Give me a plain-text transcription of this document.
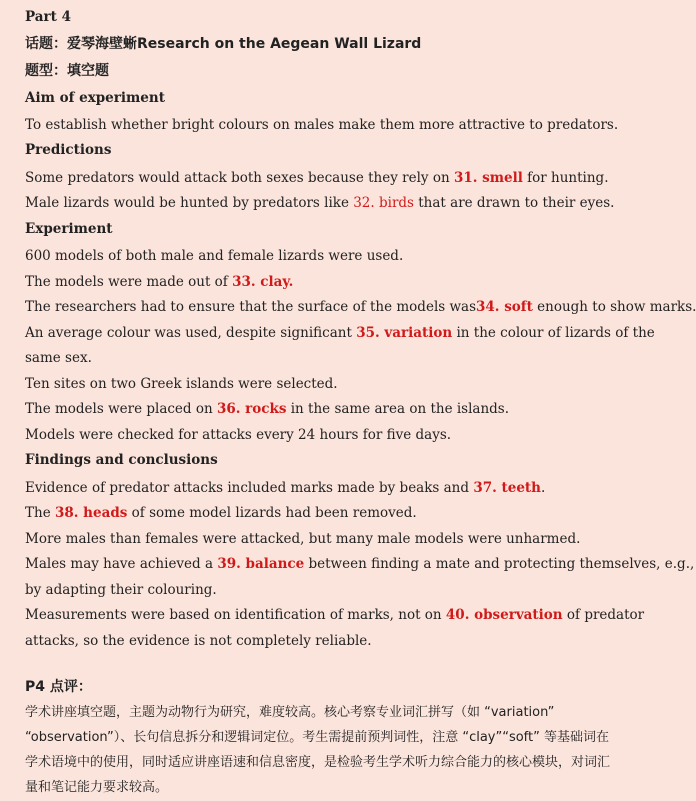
Part 4
话题：爱琴海壁蜥Research on the Aegean Wall Lizard
题型：填空题
Aim of experiment
To establish whether bright colours on males make them more attractive to predators.
Predictions
Some predators would attack both sexes because they rely on 31. smell for hunting.
Male lizards would be hunted by predators like 32. birds that are drawn to their eyes.
Experiment
600 models of both male and female lizards were used.
The models were made out of 33. clay.
The researchers had to ensure that the surface of the models was34. soft enough to show marks.
An average colour was used, despite significant 35. variation in the colour of lizards of the
same sex.
Ten sites on two Greek islands were selected.
The models were placed on 36. rocks in the same area on the islands.
Models were checked for attacks every 24 hours for five days.
Findings and conclusions
Evidence of predator attacks included marks made by beaks and 37. teeth.
The 38. heads of some model lizards had been removed.
More males than females were attacked, but many male models were unharmed.
Males may have achieved a 39. balance between finding a mate and protecting themselves, e.g.,
by adapting their colouring.
Measurements were based on identification of marks, not on 40. observation of predator
attacks, so the evidence is not completely reliable.
P4 点评：
学术讲座填空题，主题为动物行为研究，难度较高。核心考察专业词汇拼写（如 “variation” “observation”）、长句信息拆分和逻辑词定位。考生需提前预判词性，注意 “clay”“soft” 等基础词在学术语境中的使用，同时适应讲座语速和信息密度，是检验考生学术听力综合能力的核心模块，对词汇量和笔记能力要求较高。
